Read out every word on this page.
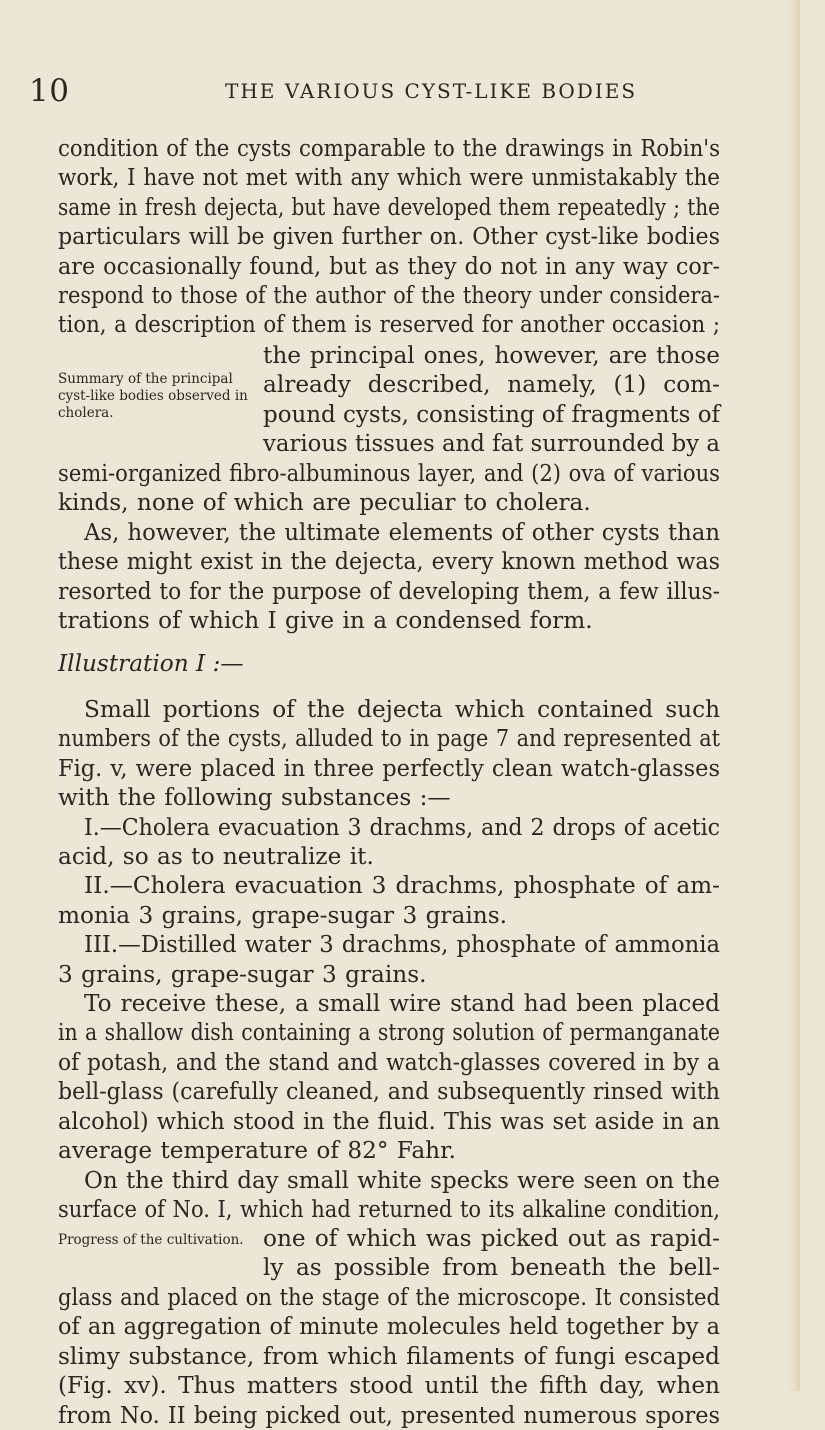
10	THE VARIOUS CYST-LIKE BODIES
condition of the cysts comparable to the drawings in Robin's
work, I have not met with any which were unmistakably the
same in fresh dejecta, but have developed them repeatedly ; the
particulars will be given further on. Other cyst-like bodies
are occasionally found, but as they do not in any way cor-
respond to those of the author of the theory under considera-
tion, a description of them is reserved for another occasion ;
Summary of the principal cyst-like bodies observed in cholera.
the principal ones, however, are those
already described, namely, (1) com-
pound cysts, consisting of fragments of
various tissues and fat surrounded by a
semi-organized fibro-albuminous layer, and (2) ova of various
kinds, none of which are peculiar to cholera.
As, however, the ultimate elements of other cysts than
these might exist in the dejecta, every known method was
resorted to for the purpose of developing them, a few illus-
trations of which I give in a condensed form.
Illustration I :—
Small portions of the dejecta which contained such
numbers of the cysts, alluded to in page 7 and represented at
Fig. v, were placed in three perfectly clean watch-glasses
with the following substances :—
I.—Cholera evacuation 3 drachms, and 2 drops of acetic
acid, so as to neutralize it.
II.—Cholera evacuation 3 drachms, phosphate of am-
monia 3 grains, grape-sugar 3 grains.
III.—Distilled water 3 drachms, phosphate of ammonia
3 grains, grape-sugar 3 grains.
To receive these, a small wire stand had been placed
in a shallow dish containing a strong solution of permanganate
of potash, and the stand and watch-glasses covered in by a
bell-glass (carefully cleaned, and subsequently rinsed with
alcohol) which stood in the fluid. This was set aside in an
average temperature of 82° Fahr.
On the third day small white specks were seen on the
surface of No. I, which had returned to its alkaline condition,
Progress of the cultivation. one of which was picked out as rapid-
ly as possible from beneath the bell-
glass and placed on the stage of the microscope. It consisted
of an aggregation of minute molecules held together by a
slimy substance, from which filaments of fungi escaped
(Fig. xv). Thus matters stood until the fifth day, when
from No. II being picked out, presented numerous spores
